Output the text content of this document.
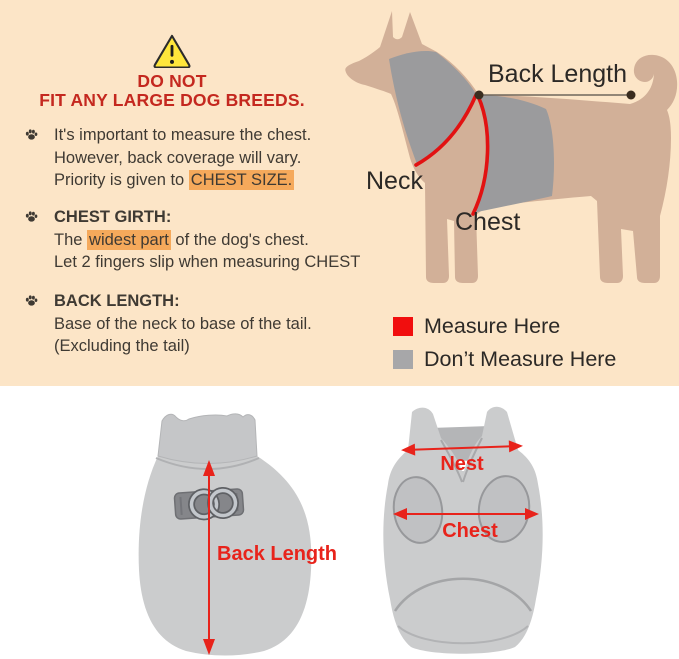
DO NOT
FIT ANY LARGE DOG BREEDS.
It's important to measure the chest.
However, back coverage will vary.
Priority is given to CHEST SIZE.
CHEST GIRTH:
The widest part of the dog's chest.
Let 2 fingers slip when measuring CHEST
BACK LENGTH:
Base of the neck to base of the tail.
(Excluding the tail)
Back Length
Neck
Chest
Measure Here
Don’t Measure Here
Back Length
Nest
Chest
